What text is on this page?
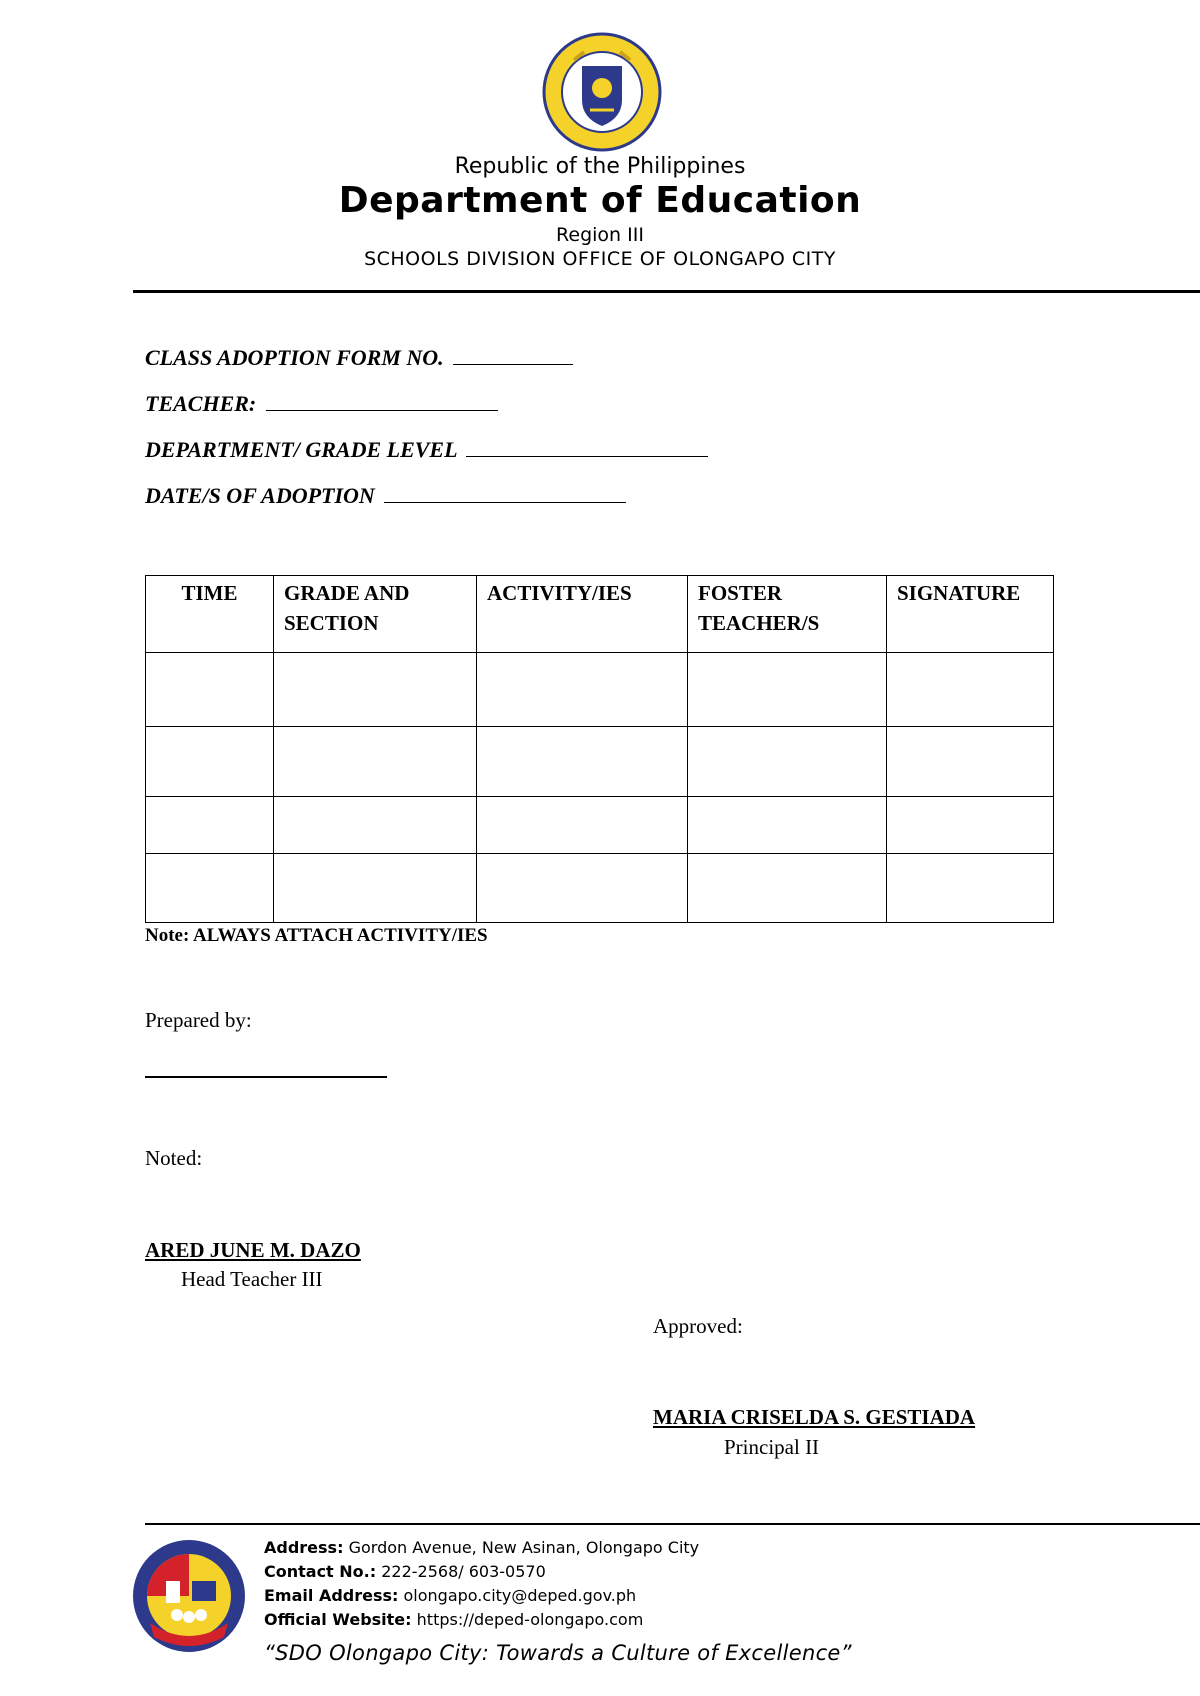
Republic of the Philippines
Department of Education
Region III
SCHOOLS DIVISION OFFICE OF OLONGAPO CITY
CLASS ADOPTION FORM NO.
TEACHER:
DEPARTMENT/ GRADE LEVEL
DATE/S OF ADOPTION
TIME	GRADE AND SECTION	ACTIVITY/IES	FOSTER TEACHER/S	SIGNATURE

Note: ALWAYS ATTACH ACTIVITY/IES
Prepared by:
Noted:
ARED JUNE M. DAZO
Head Teacher III
Approved:
MARIA CRISELDA S. GESTIADA
Principal II
Address: Gordon Avenue, New Asinan, Olongapo City
Contact No.: 222-2568/ 603-0570
Email Address: olongapo.city@deped.gov.ph
Official Website: https://deped-olongapo.com
“SDO Olongapo City: Towards a Culture of Excellence”
